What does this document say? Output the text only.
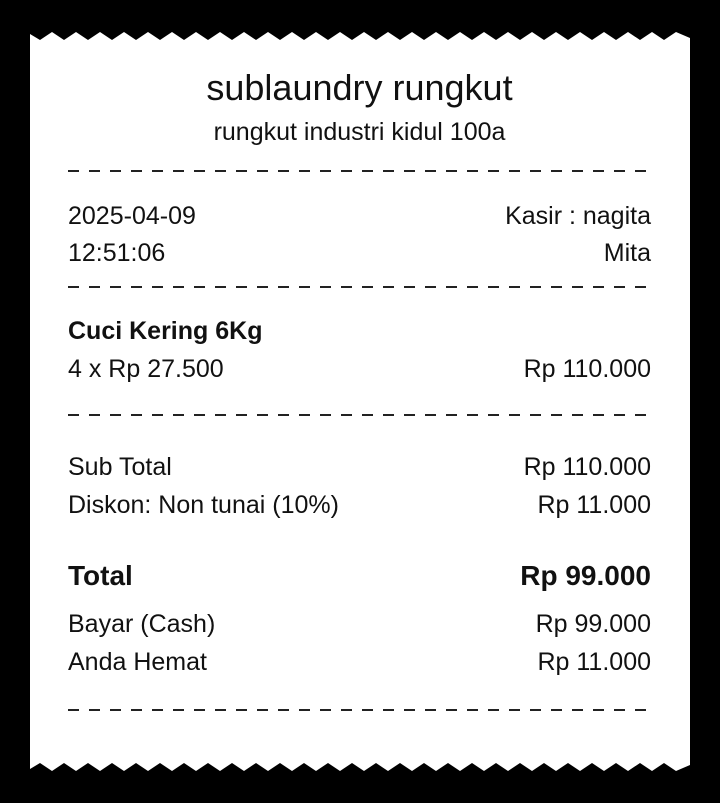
sublaundry rungkut
rungkut industri kidul 100a
2025-04-09	Kasir : nagita
12:51:06	Mita
Cuci Kering 6Kg
4 x Rp 27.500	Rp 110.000
Sub Total	Rp 110.000
Diskon: Non tunai (10%)	Rp 11.000
Total	Rp 99.000
Bayar (Cash)	Rp 99.000
Anda Hemat	Rp 11.000
